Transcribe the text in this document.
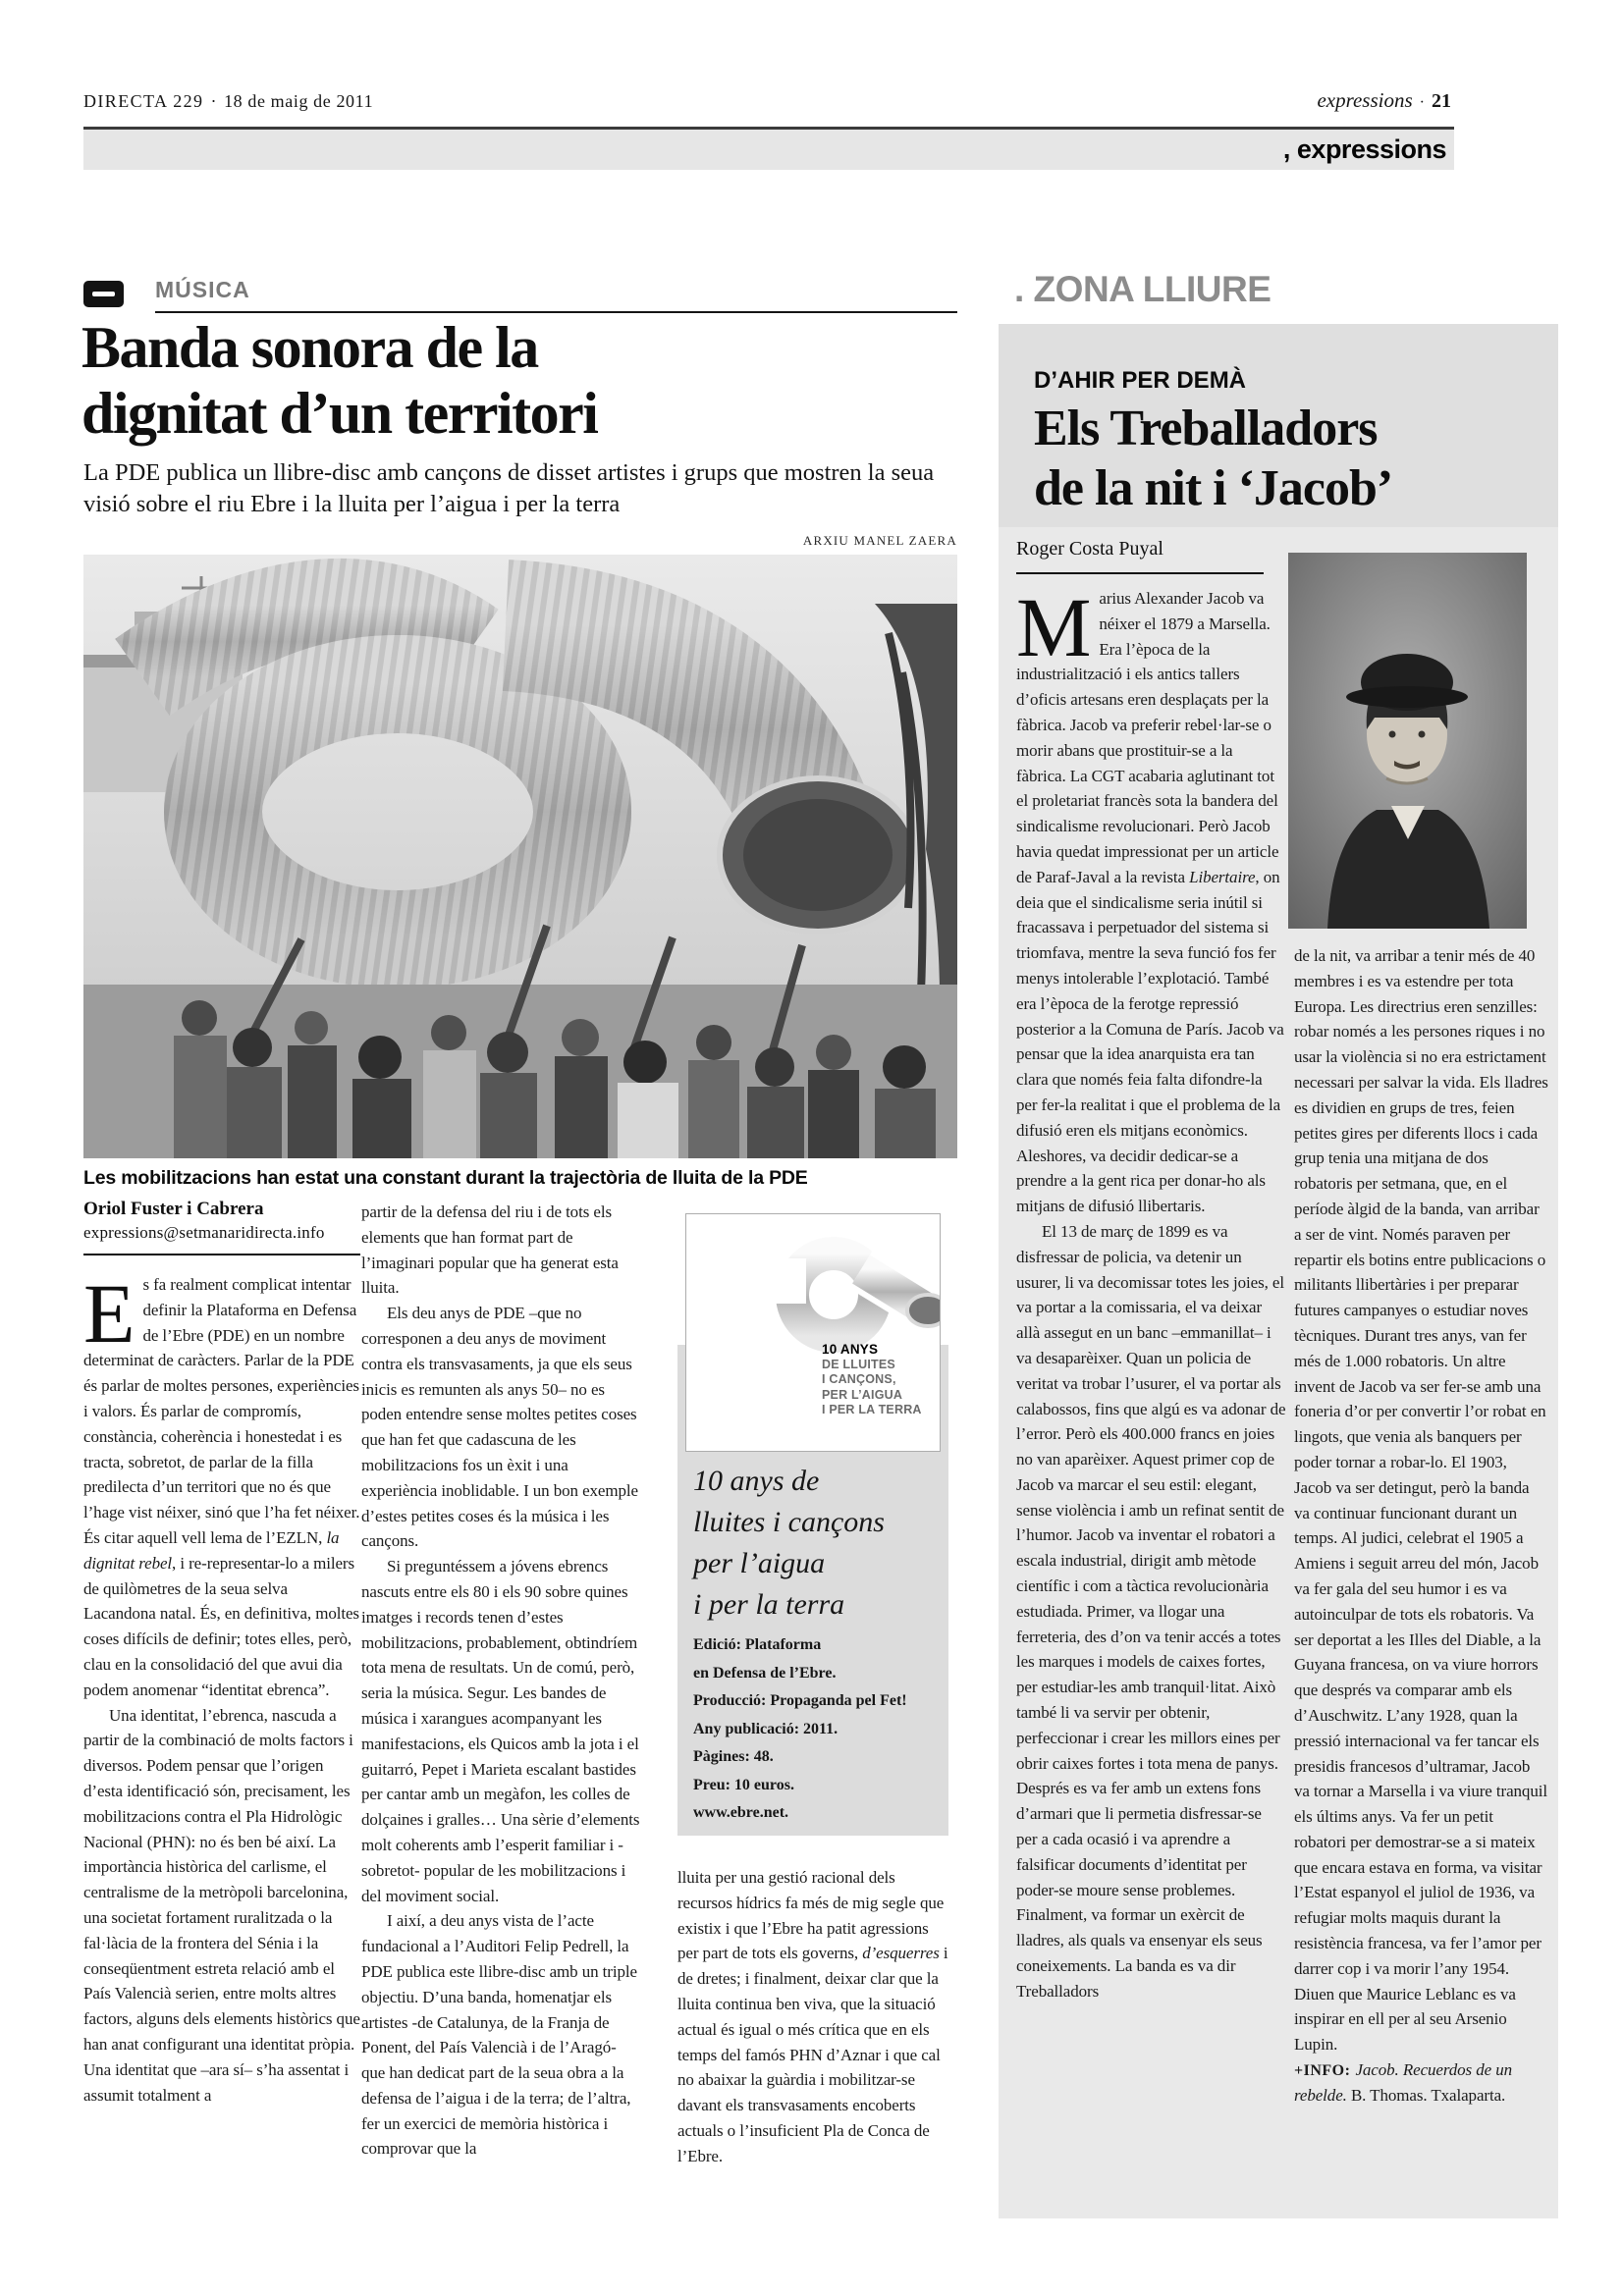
DIRECTA 229 · 18 de maig de 2011	expressions · 21
, expressions
MÚSICA
Banda sonora de la
dignitat d’un territori
La PDE publica un llibre-disc amb cançons de disset artistes i grups que mostren la seua visió sobre el riu Ebre i la lluita per l’aigua i per la terra
ARXIU MANEL ZAERA
Les mobilitzacions han estat una constant durant la trajectòria de lluita de la PDE
Oriol Fuster i Cabrera
expressions@setmanaridirecta.info

Es fa realment complicat intentar definir la Plataforma en Defensa de l’Ebre (PDE) en un nombre determinat de caràcters. Parlar de la PDE és parlar de moltes persones, experiències i valors. És parlar de compromís, constància, coherència i honestedat i es tracta, sobretot, de parlar de la filla predilecta d’un territori que no és que l’hage vist néixer, sinó que l’ha fet néixer. És citar aquell vell lema de l’EZLN, la dignitat rebel, i re-representar-lo a milers de quilòmetres de la seua selva Lacandona natal. És, en definitiva, moltes coses difícils de definir; totes elles, però, clau en la consolidació del que avui dia podem anomenar “identitat ebrenca”.

Una identitat, l’ebrenca, nascuda a partir de la combinació de molts factors i diversos. Podem pensar que l’origen d’esta identificació són, precisament, les mobilitzacions contra el Pla Hidrològic Nacional (PHN): no és ben bé així. La importància històrica del carlisme, el centralisme de la metròpoli barcelonina, una societat fortament ruralitzada o la fal·làcia de la frontera del Sénia i la conseqüentment estreta relació amb el País Valencià serien, entre molts altres factors, alguns dels elements històrics que han anat configurant una identitat pròpia. Una identitat que –ara sí– s’ha assentat i assumit totalment a

partir de la defensa del riu i de tots els elements que han format part de l’imaginari popular que ha generat esta lluita.

Els deu anys de PDE –que no corresponen a deu anys de moviment contra els transvasaments, ja que els seus inicis es remunten als anys 50– no es poden entendre sense moltes petites coses que han fet que cadascuna de les mobilitzacions fos un èxit i una experiència inoblidable. I un bon exemple d’estes petites coses és la música i les cançons.

Si preguntéssem a jóvens ebrencs nascuts entre els 80 i els 90 sobre quines imatges i records tenen d’estes mobilitzacions, probablement, obtindríem tota mena de resultats. Un de comú, però, seria la música. Segur. Les bandes de música i xarangues acompanyant les manifestacions, els Quicos amb la jota i el guitarró, Pepet i Marieta escalant bastides per cantar amb un megàfon, les colles de dolçaines i gralles… Una sèrie d’elements molt coherents amb l’esperit familiar i -sobretot- popular de les mobilitzacions i del moviment social.

I així, a deu anys vista de l’acte fundacional a l’Auditori Felip Pedrell, la PDE publica este llibre-disc amb un triple objectiu. D’una banda, homenatjar els artistes -de Catalunya, de la Franja de Ponent, del País Valencià i de l’Aragó- que han dedicat part de la seua obra a la defensa de l’aigua i de la terra; de l’altra, fer un exercici de memòria històrica i comprovar que la

10 ANYS

DE LLUITES

I CANÇONS,

PER L’AIGUA

I PER LA TERRA

10 anys de

lluites i cançons

per l’aigua

i per la terra

Edició: Plataforma

en Defensa de l’Ebre.

Producció: Propaganda pel Fet!

Any publicació: 2011.

Pàgines: 48.

Preu: 10 euros.

www.ebre.net.

lluita per una gestió racional dels recursos hídrics fa més de mig segle que existix i que l’Ebre ha patit agressions per part de tots els governs, d’esquerres i de dretes; i finalment, deixar clar que la lluita continua ben viva, que la situació actual és igual o més crítica que en els temps del famós PHN d’Aznar i que cal no abaixar la guàrdia i mobilitzar-se davant els transvasaments encoberts actuals o l’insuficient Pla de Conca de l’Ebre.

. ZONA LLIURE
D’AHIR PER DEMÀ
Els Treballadors
de la nit i ‘Jacob’
Roger Costa Puyal

Marius Alexander Jacob va néixer el 1879 a Marsella. Era l’època de la industrialització i els antics tallers d’oficis artesans eren desplaçats per la fàbrica. Jacob va preferir rebel·lar-se o morir abans que prostituir-se a la fàbrica. La CGT acabaria aglutinant tot el proletariat francès sota la bandera del sindicalisme revolucionari. Però Jacob havia quedat impressionat per un article de Paraf-Javal a la revista Libertaire, on deia que el sindicalisme seria inútil si fracassava i perpetuador del sistema si triomfava, mentre la seva funció fos fer menys intolerable l’explotació. També era l’època de la ferotge repressió posterior a la Comuna de París. Jacob va pensar que la idea anarquista era tan clara que només feia falta difondre-la per fer-la realitat i que el problema de la difusió eren els mitjans econòmics. Aleshores, va decidir dedicar-se a prendre a la gent rica per donar-ho als mitjans de difusió llibertaris.

El 13 de març de 1899 es va disfressar de policia, va detenir un usurer, li va decomissar totes les joies, el va portar a la comissaria, el va deixar allà assegut en un banc –emmanillat– i va desaparèixer. Quan un policia de veritat va trobar l’usurer, el va portar als calabossos, fins que algú es va adonar de l’error. Però els 400.000 francs en joies no van aparèixer. Aquest primer cop de Jacob va marcar el seu estil: elegant, sense violència i amb un refinat sentit de l’humor. Jacob va inventar el robatori a escala industrial, dirigit amb mètode científic i com a tàctica revolucionària estudiada. Primer, va llogar una ferreteria, des d’on va tenir accés a totes les marques i models de caixes fortes, per estudiar-les amb tranquil·litat. Això també li va servir per obtenir, perfeccionar i crear les millors eines per obrir caixes fortes i tota mena de panys. Després es va fer amb un extens fons d’armari que li permetia disfressar-se per a cada ocasió i va aprendre a falsificar documents d’identitat per poder-se moure sense problemes. Finalment, va formar un exèrcit de lladres, als quals va ensenyar els seus coneixements. La banda es va dir Treballadors

de la nit, va arribar a tenir més de 40 membres i es va estendre per tota Europa. Les directrius eren senzilles: robar només a les persones riques i no usar la violència si no era estrictament necessari per salvar la vida. Els lladres es dividien en grups de tres, feien petites gires per diferents llocs i cada grup tenia una mitjana de dos robatoris per setmana, que, en el període àlgid de la banda, van arribar a ser de vint. Només paraven per repartir els botins entre publicacions o militants llibertàries i per preparar futures campanyes o estudiar noves tècniques. Durant tres anys, van fer més de 1.000 robatoris. Un altre invent de Jacob va ser fer-se amb una foneria d’or per convertir l’or robat en lingots, que venia als banquers per poder tornar a robar-lo. El 1903, Jacob va ser detingut, però la banda va continuar funcionant durant un temps. Al judici, celebrat el 1905 a Amiens i seguit arreu del món, Jacob va fer gala del seu humor i es va autoinculpar de tots els robatoris. Va ser deportat a les Illes del Diable, a la Guyana francesa, on va viure horrors que després va comparar amb els d’Auschwitz. L’any 1928, quan la pressió internacional va fer tancar els presidis francesos d’ultramar, Jacob va tornar a Marsella i va viure tranquil els últims anys. Va fer un petit robatori per demostrar-se a si mateix que encara estava en forma, va visitar l’Estat espanyol el juliol de 1936, va refugiar molts maquis durant la resistència francesa, va fer l’amor per darrer cop i va morir l’any 1954. Diuen que Maurice Leblanc es va inspirar en ell per al seu Arsenio Lupin.

+INFO: Jacob. Recuerdos de un rebelde. B. Thomas. Txalaparta.
